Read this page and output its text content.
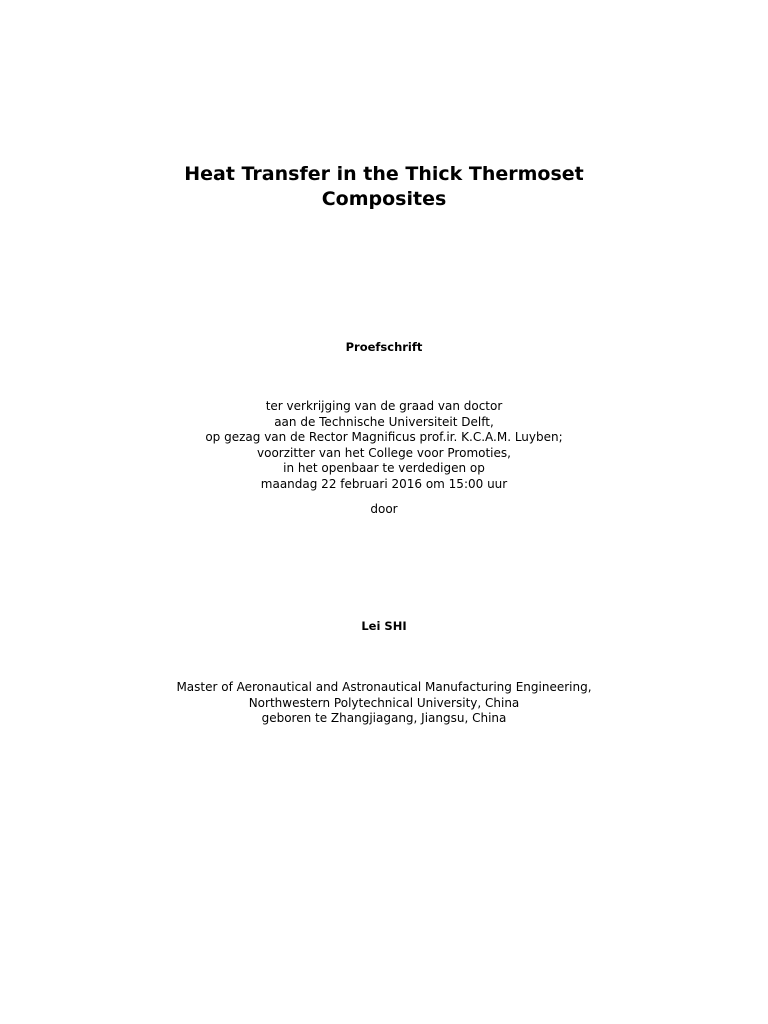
Heat Transfer in the Thick Thermoset
Composites
Proefschrift
ter verkrijging van de graad van doctor
aan de Technische Universiteit Delft,
op gezag van de Rector Magnificus prof.ir. K.C.A.M. Luyben;
voorzitter van het College voor Promoties,
in het openbaar te verdedigen op
maandag 22 februari 2016 om 15:00 uur
door
Lei SHI
Master of Aeronautical and Astronautical Manufacturing Engineering,
Northwestern Polytechnical University, China
geboren te Zhangjiagang, Jiangsu, China
